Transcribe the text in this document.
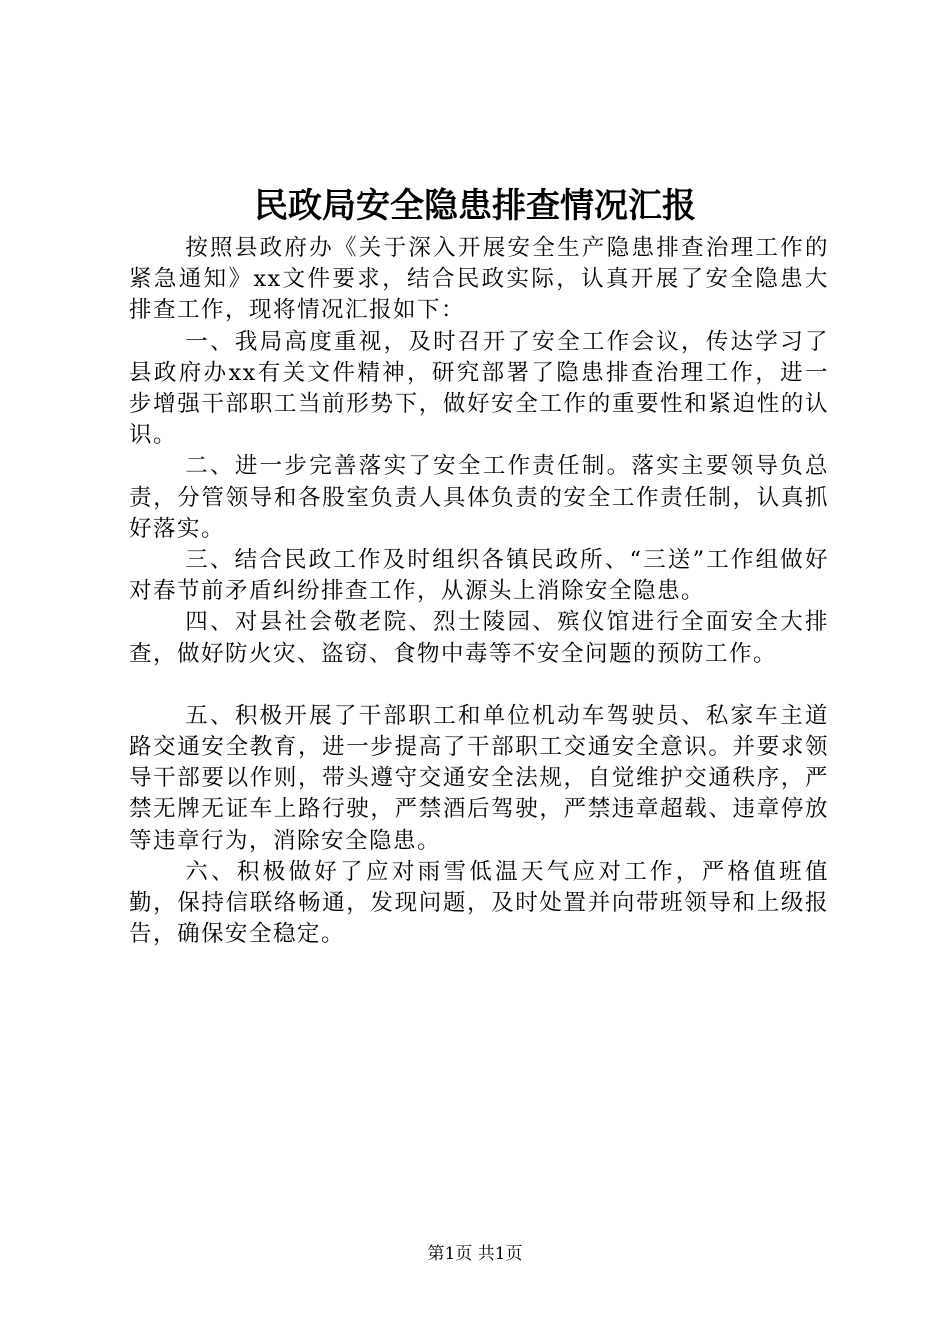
民政局安全隐患排查情况汇报

按照县政府办《关于深入开展安全生产隐患排查治理工作的紧急通知》xx文件要求，结合民政实际，认真开展了安全隐患大排查工作，现将情况汇报如下：

一、我局高度重视，及时召开了安全工作会议，传达学习了县政府办xx有关文件精神，研究部署了隐患排查治理工作，进一步增强干部职工当前形势下，做好安全工作的重要性和紧迫性的认识。

二、进一步完善落实了安全工作责任制。落实主要领导负总责，分管领导和各股室负责人具体负责的安全工作责任制，认真抓好落实。

三、结合民政工作及时组织各镇民政所、“三送”工作组做好对春节前矛盾纠纷排查工作，从源头上消除安全隐患。

四、对县社会敬老院、烈士陵园、殡仪馆进行全面安全大排查，做好防火灾、盗窃、食物中毒等不安全问题的预防工作。

五、积极开展了干部职工和单位机动车驾驶员、私家车主道路交通安全教育，进一步提高了干部职工交通安全意识。并要求领导干部要以作则，带头遵守交通安全法规，自觉维护交通秩序，严禁无牌无证车上路行驶，严禁酒后驾驶，严禁违章超载、违章停放等违章行为，消除安全隐患。

六、积极做好了应对雨雪低温天气应对工作，严格值班值勤，保持信联络畅通，发现问题，及时处置并向带班领导和上级报告，确保安全稳定。

第1页 共1页
